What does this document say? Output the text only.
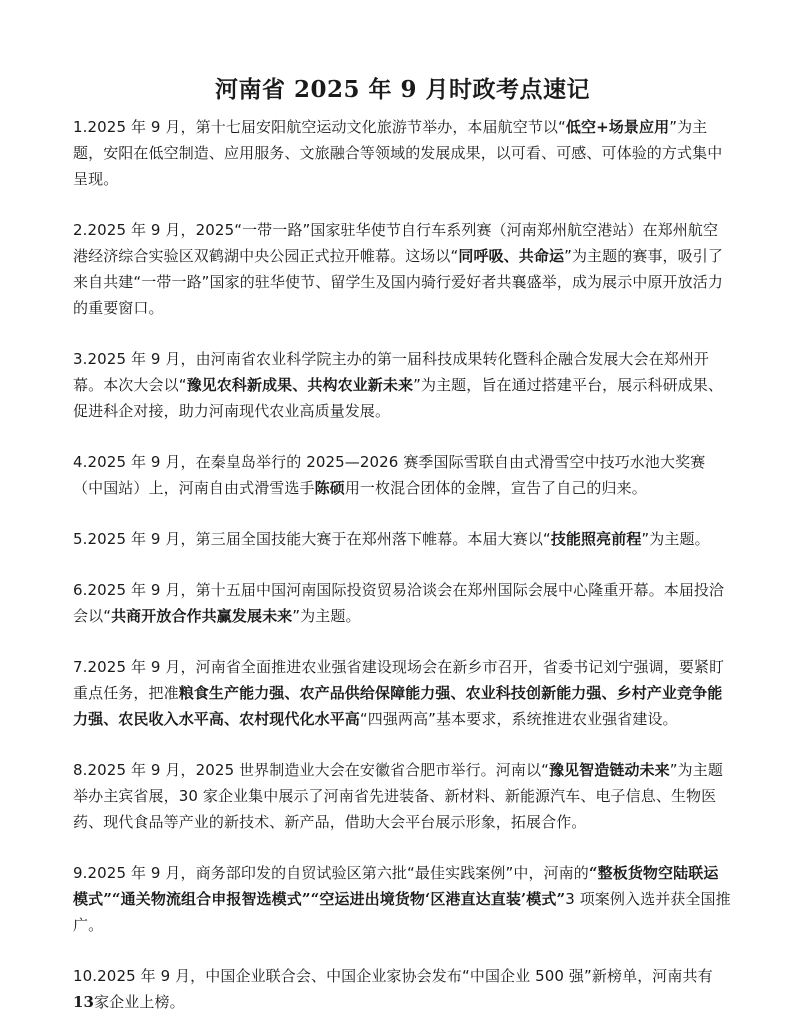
河南省 2025 年 9 月时政考点速记

1.2025 年 9 月，第十七届安阳航空运动文化旅游节举办，本届航空节以“低空+场景应用”为主题，安阳在低空制造、应用服务、文旅融合等领域的发展成果，以可看、可感、可体验的方式集中呈现。

2.2025 年 9 月，2025“一带一路”国家驻华使节自行车系列赛（河南郑州航空港站）在郑州航空港经济综合实验区双鹤湖中央公园正式拉开帷幕。这场以“同呼吸、共命运”为主题的赛事，吸引了来自共建“一带一路”国家的驻华使节、留学生及国内骑行爱好者共襄盛举，成为展示中原开放活力的重要窗口。

3.2025 年 9 月，由河南省农业科学院主办的第一届科技成果转化暨科企融合发展大会在郑州开幕。本次大会以“豫见农科新成果、共构农业新未来”为主题，旨在通过搭建平台，展示科研成果、促进科企对接，助力河南现代农业高质量发展。

4.2025 年 9 月，在秦皇岛举行的 2025—2026 赛季国际雪联自由式滑雪空中技巧水池大奖赛（中国站）上，河南自由式滑雪选手陈硕用一枚混合团体的金牌，宣告了自己的归来。

5.2025 年 9 月，第三届全国技能大赛于在郑州落下帷幕。本届大赛以“技能照亮前程”为主题。

6.2025 年 9 月，第十五届中国河南国际投资贸易洽谈会在郑州国际会展中心隆重开幕。本届投洽会以“共商开放合作共赢发展未来”为主题。

7.2025 年 9 月，河南省全面推进农业强省建设现场会在新乡市召开，省委书记刘宁强调，要紧盯重点任务，把准粮食生产能力强、农产品供给保障能力强、农业科技创新能力强、乡村产业竞争能力强、农民收入水平高、农村现代化水平高“四强两高”基本要求，系统推进农业强省建设。

8.2025 年 9 月，2025 世界制造业大会在安徽省合肥市举行。河南以“豫见智造链动未来”为主题举办主宾省展，30 家企业集中展示了河南省先进装备、新材料、新能源汽车、电子信息、生物医药、现代食品等产业的新技术、新产品，借助大会平台展示形象，拓展合作。

9.2025 年 9 月，商务部印发的自贸试验区第六批“最佳实践案例”中，河南的“整板货物空陆联运模式”“通关物流组合申报智选模式”“空运进出境货物‘区港直达直装’模式”3 项案例入选并获全国推广。

10.2025 年 9 月，中国企业联合会、中国企业家协会发布“中国企业 500 强”新榜单，河南共有13家企业上榜。
